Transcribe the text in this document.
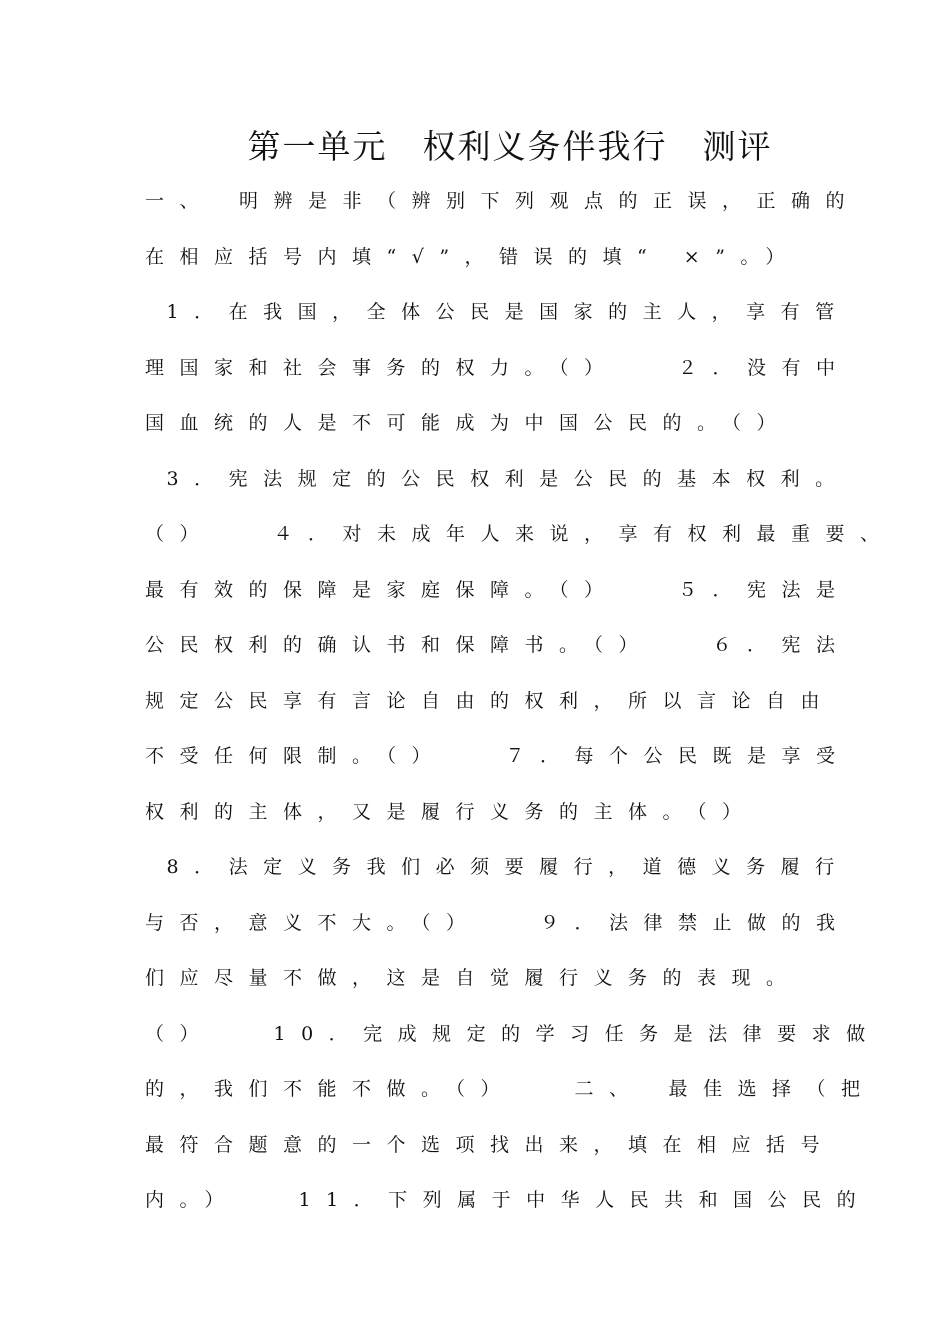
第一单元　权利义务伴我行　测评
一、　明辨是非（辨别下列观点的正误，正确的
在相应括号内填“√”，错误的填“ ×”。）
1．在我国，全体公民是国家的主人，享有管
理国家和社会事务的权力。（）　　２．没有中
国血统的人是不可能成为中国公民的。（）
3．宪法规定的公民权利是公民的基本权利。
（）　　４．对未成年人来说，享有权利最重要、
最有效的保障是家庭保障。（）　　５．宪法是
公民权利的确认书和保障书。（）　　６．宪法
规定公民享有言论自由的权利，所以言论自由
不受任何限制。（）　　７．每个公民既是享受
权利的主体，又是履行义务的主体。（）
8．法定义务我们必须要履行，道德义务履行
与否，意义不大。（）　　９．法律禁止做的我
们应尽量不做，这是自觉履行义务的表现。
（）　　10．完成规定的学习任务是法律要求做
的，我们不能不做。（）　　二、　最佳选择（把
最符合题意的一个选项找出来，填在相应括号
内。）　　11．下列属于中华人民共和国公民的
